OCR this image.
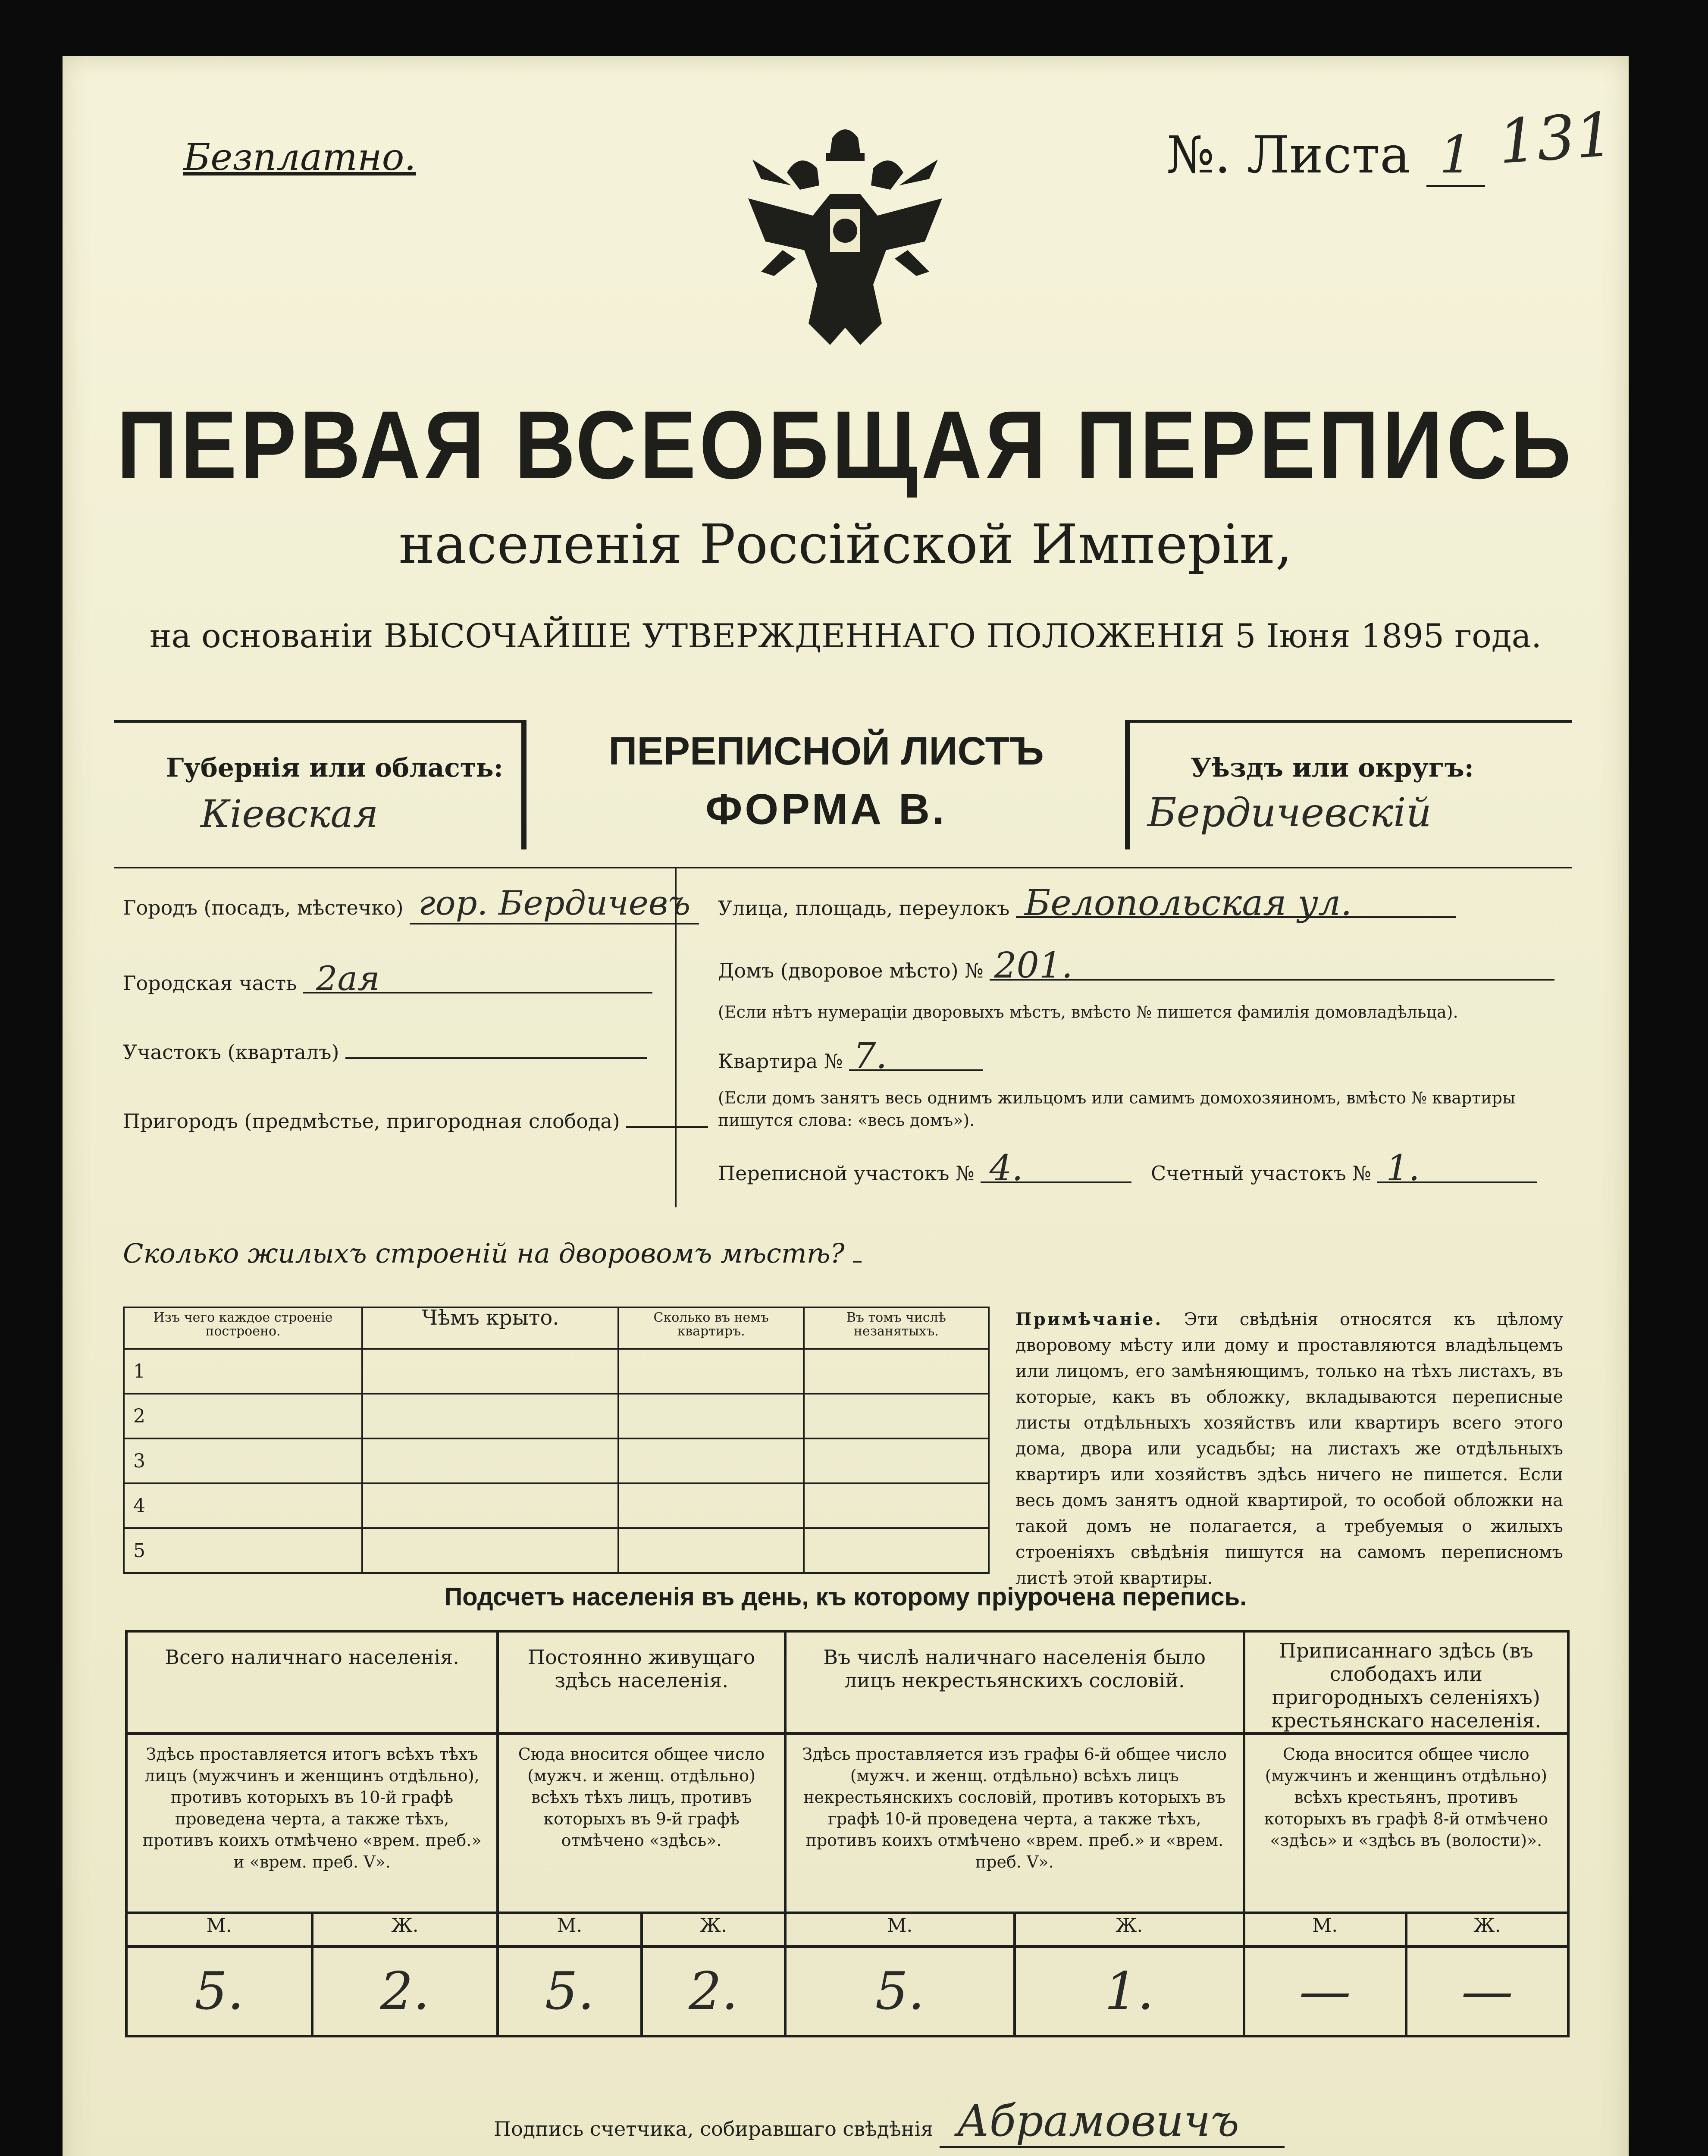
Безплатно.	№. Листа 1 131
ПЕРВАЯ ВСЕОБЩАЯ ПЕРЕПИСЬ
населенія Россійской Имперіи,
на основаніи ВЫСОЧАЙШЕ УТВЕРЖДЕННАГО ПОЛОЖЕНІЯ 5 Іюня 1895 года.
Губернія или область:
Кіевская
ПЕРЕПИСНОЙ ЛИСТЪ
ФОРМА В.
Уѣздъ или округъ:
Бердичевскій
Городъ (посадъ, мѣстечко) гор. Бердичевъ
Городская часть 2ая
Участокъ (кварталъ)
Пригородъ (предмѣстье, пригородная слобода)
Улица, площадь, переулокъ Белопольская ул.
Домъ (дворовое мѣсто) № 201.
(Если нѣтъ нумераціи дворовыхъ мѣстъ, вмѣсто № пишется фамилія домовладѣльца).
Квартира № 7.
(Если домъ занятъ весь однимъ жильцомъ или самимъ домохозяиномъ, вмѣсто № квартиры пишутся слова: «весь домъ»).
Переписной участокъ № 4.	Счетный участокъ № 1.
Сколько жилыхъ строеній на дворовомъ мѣстѣ?
Изъ чего каждое строеніе построено.	Чѣмъ крыто.	Сколько въ немъ квартиръ.	Въ томъ числѣ незанятыхъ.
1			
2			
3			
4			
5			
Примѣчаніе. Эти свѣдѣнія относятся къ цѣлому дворовому мѣсту или дому и проставляются владѣльцемъ или лицомъ, его замѣняющимъ, только на тѣхъ листахъ, въ которые, какъ въ обложку, вкладываются переписные листы отдѣльныхъ хозяйствъ или квартиръ всего этого дома, двора или усадьбы; на листахъ же отдѣльныхъ квартиръ или хозяйствъ здѣсь ничего не пишется. Если весь домъ занятъ одной квартирой, то особой обложки на такой домъ не полагается, а требуемыя о жилыхъ строеніяхъ свѣдѣнія пишутся на самомъ переписномъ листѣ этой квартиры.
Подсчетъ населенія въ день, къ которому пріурочена перепись.
Всего наличнаго населенія.		Постоянно живущаго здѣсь населенія.		Въ числѣ наличнаго населенія было лицъ некрестьянскихъ сословій.		Приписаннаго здѣсь (въ слободахъ или пригородныхъ селеніяхъ) крестьянскаго населенія.	
Здѣсь проставляется итогъ всѣхъ тѣхъ лицъ (мужчинъ и женщинъ отдѣльно), противъ которыхъ въ 10-й графѣ проведена черта, а также тѣхъ, противъ коихъ отмѣчено «врем. преб.» и «врем. преб. V».		Сюда вносится общее число (мужч. и женщ. отдѣльно) всѣхъ тѣхъ лицъ, противъ которыхъ въ 9-й графѣ отмѣчено «здѣсь».		Здѣсь проставляется изъ графы 6-й общее число (мужч. и женщ. отдѣльно) всѣхъ лицъ некрестьянскихъ сословій, противъ которыхъ въ графѣ 10-й проведена черта, а также тѣхъ, противъ коихъ отмѣчено «врем. преб.» и «врем. преб. V».		Сюда вносится общее число (мужчинъ и женщинъ отдѣльно) всѣхъ крестьянъ, противъ которыхъ въ графѣ 8-й отмѣчено «здѣсь» и «здѣсь въ (волости)».	
М.	Ж.	М.	Ж.	М.	Ж.	М.	Ж.
5.	2.	5.	2.	5.	1.	—	—
Подпись счетчика, собиравшаго свѣдѣнія Абрамовичъ
